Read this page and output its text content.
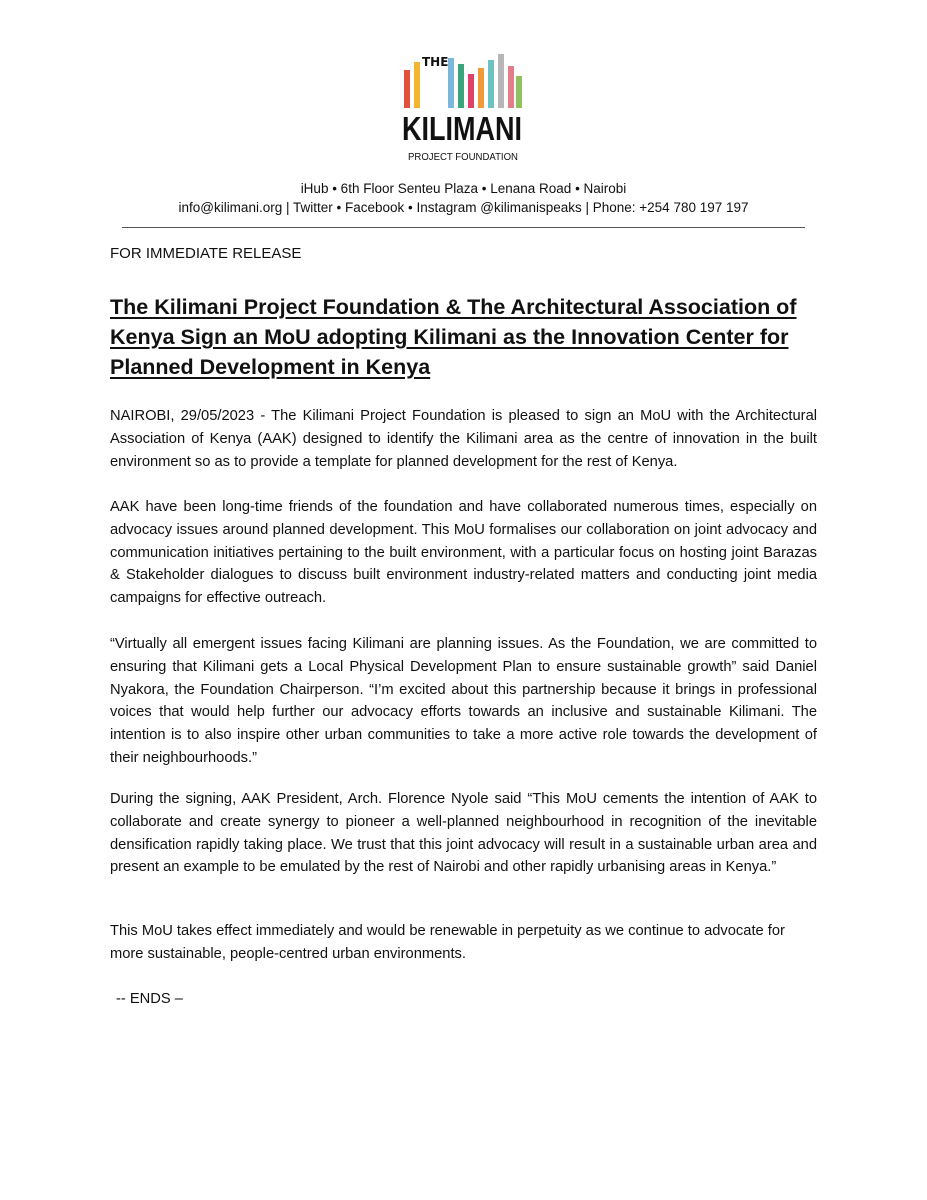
THE
KILIMANI
PROJECT FOUNDATION
iHub • 6th Floor Senteu Plaza • Lenana Road • Nairobi
info@kilimani.org | Twitter • Facebook • Instagram @kilimanispeaks | Phone: +254 780 197 197
FOR IMMEDIATE RELEASE
The Kilimani Project Foundation & The Architectural Association of Kenya Sign an MoU adopting Kilimani as the Innovation Center for Planned Development in Kenya

NAIROBI, 29/05/2023 - The Kilimani Project Foundation is pleased to sign an MoU with the Architectural Association of Kenya (AAK) designed to identify the Kilimani area as the centre of innovation in the built environment so as to provide a template for planned development for the rest of Kenya.

AAK have been long-time friends of the foundation and have collaborated numerous times, especially on advocacy issues around planned development. This MoU formalises our collaboration on joint advocacy and communication initiatives pertaining to the built environment, with a particular focus on hosting joint Barazas & Stakeholder dialogues to discuss built environment industry-related matters and conducting joint media campaigns for effective outreach.

“Virtually all emergent issues facing Kilimani are planning issues. As the Foundation, we are committed to ensuring that Kilimani gets a Local Physical Development Plan to ensure sustainable growth” said Daniel Nyakora, the Foundation Chairperson. “I’m excited about this partnership because it brings in professional voices that would help further our advocacy efforts towards an inclusive and sustainable Kilimani. The intention is to also inspire other urban communities to take a more active role towards the development of their neighbourhoods.”

During the signing, AAK President, Arch. Florence Nyole said “This MoU cements the intention of AAK to collaborate and create synergy to pioneer a well-planned neighbourhood in recognition of the inevitable densification rapidly taking place. We trust that this joint advocacy will result in a sustainable urban area and present an example to be emulated by the rest of Nairobi and other rapidly urbanising areas in Kenya.”

This MoU takes effect immediately and would be renewable in perpetuity as we continue to advocate for more sustainable, people-centred urban environments.

-- ENDS –
